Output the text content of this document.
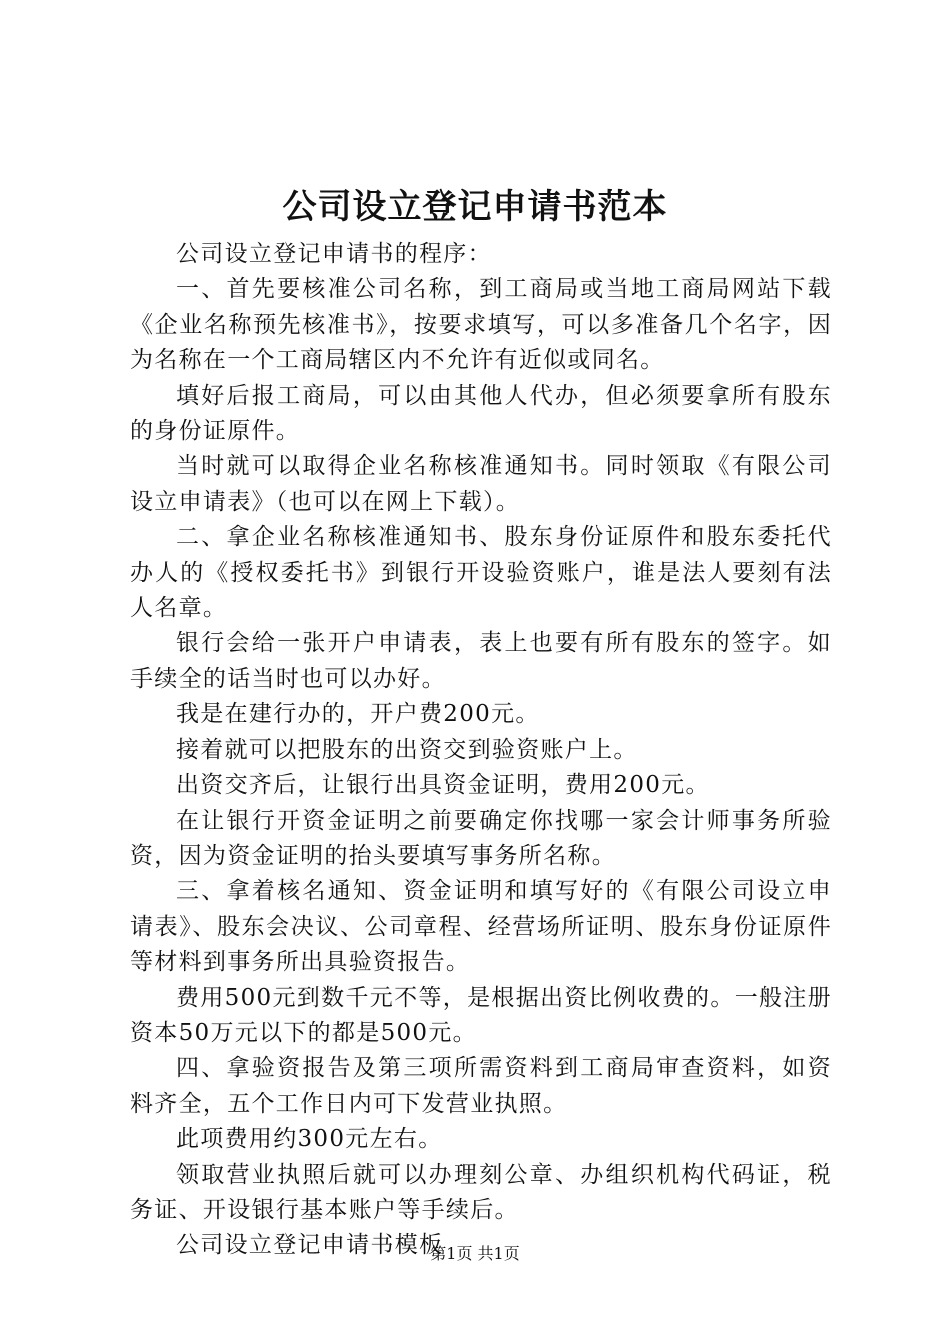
公司设立登记申请书范本

公司设立登记申请书的程序：

一、首先要核准公司名称，到工商局或当地工商局网站下载《企业名称预先核准书》，按要求填写，可以多准备几个名字，因为名称在一个工商局辖区内不允许有近似或同名。

填好后报工商局，可以由其他人代办，但必须要拿所有股东的身份证原件。

当时就可以取得企业名称核准通知书。同时领取《有限公司设立申请表》（也可以在网上下载）。

二、拿企业名称核准通知书、股东身份证原件和股东委托代办人的《授权委托书》到银行开设验资账户，谁是法人要刻有法人名章。

银行会给一张开户申请表，表上也要有所有股东的签字。如手续全的话当时也可以办好。

我是在建行办的，开户费200元。

接着就可以把股东的出资交到验资账户上。

出资交齐后，让银行出具资金证明，费用200元。

在让银行开资金证明之前要确定你找哪一家会计师事务所验资，因为资金证明的抬头要填写事务所名称。

三、拿着核名通知、资金证明和填写好的《有限公司设立申请表》、股东会决议、公司章程、经营场所证明、股东身份证原件等材料到事务所出具验资报告。

费用500元到数千元不等，是根据出资比例收费的。一般注册资本50万元以下的都是500元。

四、拿验资报告及第三项所需资料到工商局审查资料，如资料齐全，五个工作日内可下发营业执照。

此项费用约300元左右。

领取营业执照后就可以办理刻公章、办组织机构代码证，税务证、开设银行基本账户等手续后。

公司设立登记申请书模板

第1页 共1页
